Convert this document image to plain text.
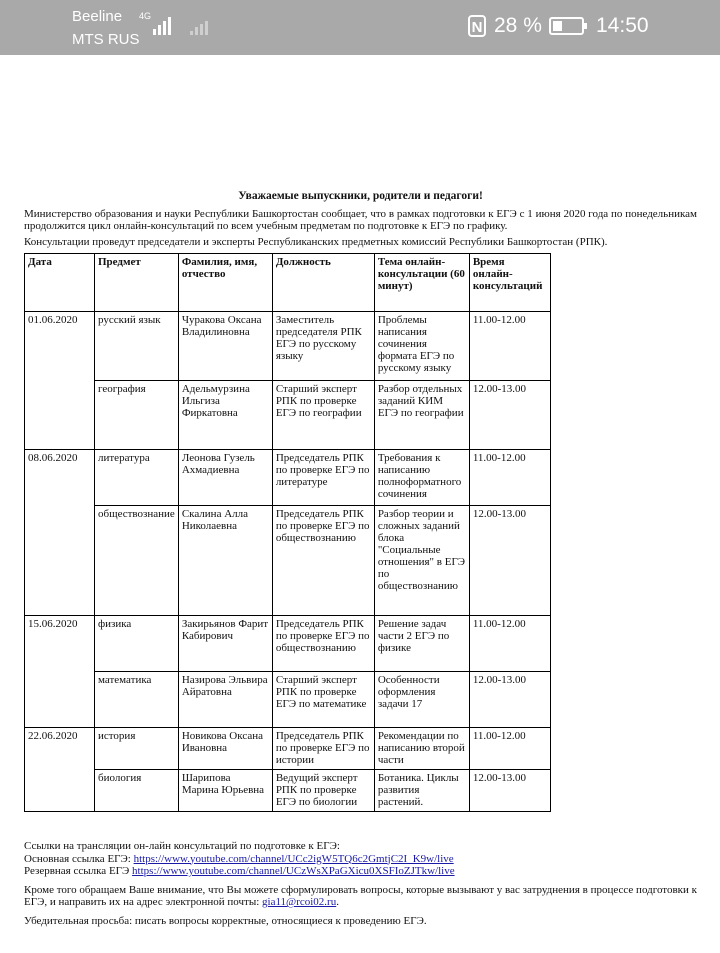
Beeline
MTS RUS
4G
N 28 %	14:50
Уважаемые выпускники, родители и педагоги!

Министерство образования и науки Республики Башкортостан сообщает, что в рамках подготовки к ЕГЭ с 1 июня 2020 года по понедельникам продолжится цикл онлайн-консультаций по всем учебным предметам по подготовке к ЕГЭ по графику.

Консультации проведут председатели и эксперты Республиканских предметных комиссий Республики Башкортостан (РПК).

Дата	Предмет	Фамилия, имя, отчество	Должность	Тема онлайн-консультации (60 минут)	Время онлайн-консультаций
01.06.2020	русский язык	Чуракова Оксана Владилиновна	Заместитель председателя РПК ЕГЭ по русскому языку	Проблемы написания сочинения формата ЕГЭ по русскому языку	11.00-12.00
	география	Адельмурзина Ильгиза Фиркатовна	Старший эксперт РПК по проверке ЕГЭ по географии	Разбор отдельных заданий КИМ ЕГЭ по географии	12.00-13.00
08.06.2020	литература	Леонова Гузель Ахмадиевна	Председатель РПК по проверке ЕГЭ по литературе	Требования к написанию полноформатного сочинения	11.00-12.00
	обществознание	Скалина Алла Николаевна	Председатель РПК по проверке ЕГЭ по обществознанию	Разбор теории и сложных заданий блока "Социальные отношения" в ЕГЭ по обществознанию	12.00-13.00
15.06.2020	физика	Закирьянов Фарит Кабирович	Председатель РПК по проверке ЕГЭ по обществознанию	Решение задач части 2 ЕГЭ по физике	11.00-12.00
	математика	Назирова Эльвира Айратовна	Старший эксперт РПК по проверке ЕГЭ по математике	Особенности оформления задачи 17	12.00-13.00
22.06.2020	история	Новикова Оксана Ивановна	Председатель РПК по проверке ЕГЭ по истории	Рекомендации по написанию второй части	11.00-12.00
	биология	Шарипова Марина Юрьевна	Ведущий эксперт РПК по проверке ЕГЭ по биологии	Ботаника. Циклы развития растений.	12.00-13.00
Ссылки на трансляции он-лайн консультаций по подготовке к ЕГЭ:
Основная ссылка ЕГЭ: https://www.youtube.com/channel/UCc2igW5TQ6c2GmtjC2I_K9w/live
Резервная ссылка ЕГЭ https://www.youtube.com/channel/UCzWsXPaGXicu0XSFIoZJTkw/live
Кроме того обращаем Ваше внимание, что Вы можете сформулировать вопросы, которые вызывают у вас затруднения в процессе подготовки к ЕГЭ, и направить их на адрес электронной почты: gia11@rcoi02.ru.
Убедительная просьба: писать вопросы корректные, относящиеся к проведению ЕГЭ.
